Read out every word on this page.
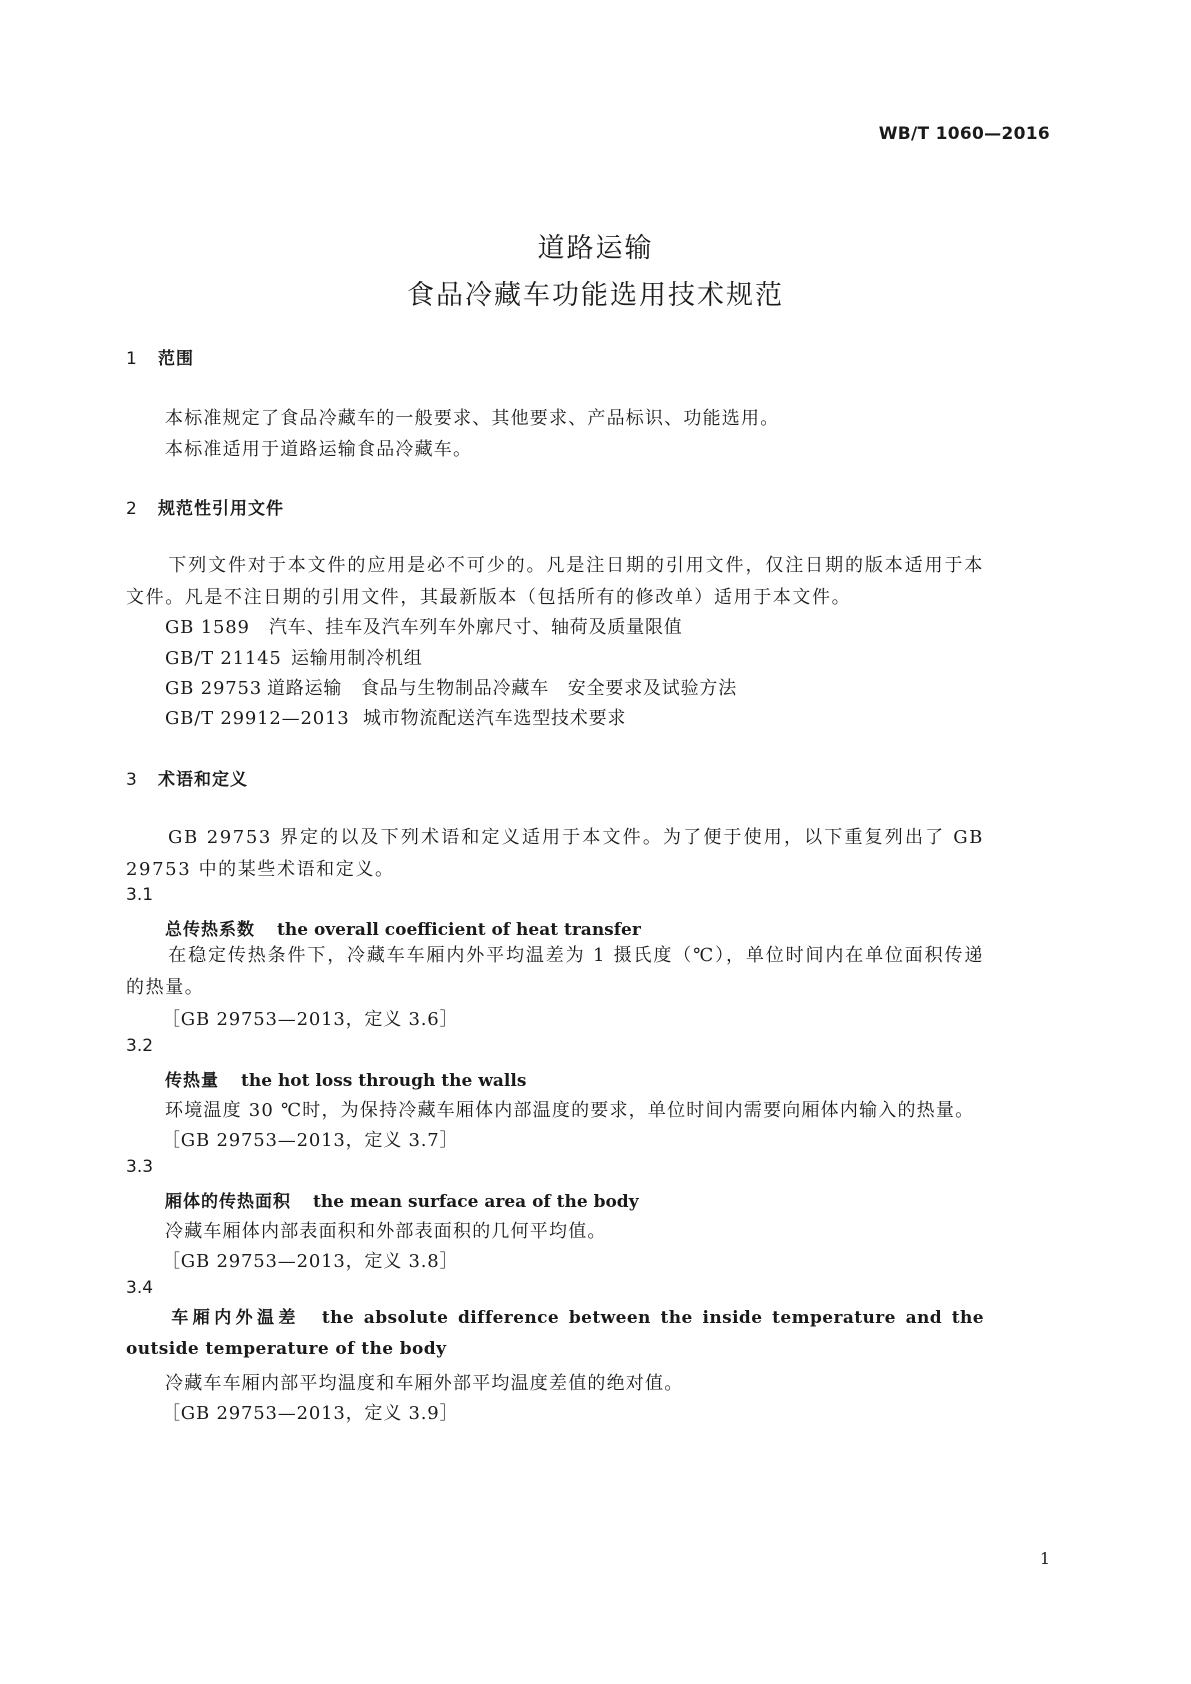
WB/T 1060—2016
道路运输
食品冷藏车功能选用技术规范
1 范围
本标准规定了食品冷藏车的一般要求、其他要求、产品标识、功能选用。
本标准适用于道路运输食品冷藏车。
2 规范性引用文件
下列文件对于本文件的应用是必不可少的。凡是注日期的引用文件，仅注日期的版本适用于本文件。凡是不注日期的引用文件，其最新版本（包括所有的修改单）适用于本文件。
GB 1589 汽车、挂车及汽车列车外廓尺寸、轴荷及质量限值
GB/T 21145 运输用制冷机组
GB 29753 道路运输　食品与生物制品冷藏车　安全要求及试验方法
GB/T 29912—2013 城市物流配送汽车选型技术要求
3 术语和定义
GB 29753 界定的以及下列术语和定义适用于本文件。为了便于使用，以下重复列出了 GB 29753 中的某些术语和定义。
3.1
总传热系数 the overall coefficient of heat transfer
在稳定传热条件下，冷藏车车厢内外平均温差为 1 摄氏度（℃），单位时间内在单位面积传递的热量。
［GB 29753—2013，定义 3.6］
3.2
传热量 the hot loss through the walls
环境温度 30 ℃时，为保持冷藏车厢体内部温度的要求，单位时间内需要向厢体内输入的热量。
［GB 29753—2013，定义 3.7］
3.3
厢体的传热面积 the mean surface area of the body
冷藏车厢体内部表面积和外部表面积的几何平均值。
［GB 29753—2013，定义 3.8］
3.4
车厢内外温差 the absolute difference between the inside temperature and the outside temperature of the body
冷藏车车厢内部平均温度和车厢外部平均温度差值的绝对值。
［GB 29753—2013，定义 3.9］
1
